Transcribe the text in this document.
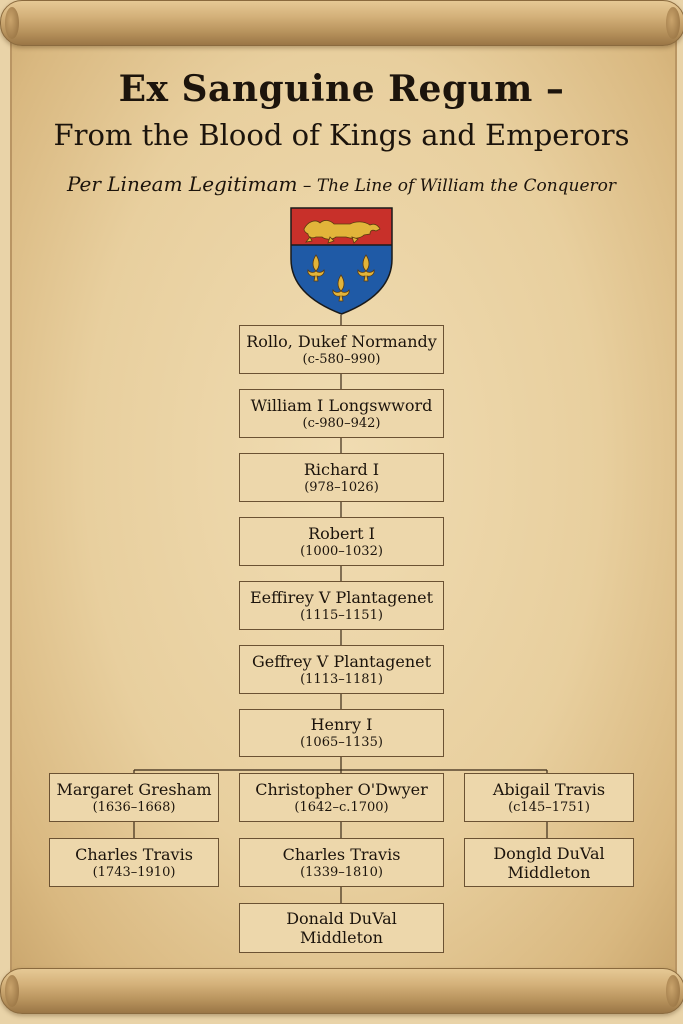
Ex Sanguine Regum –
From the Blood of Kings and Emperors
Per Lineam Legitimam – The Line of William the Conqueror
Rollo, Dukef Normandy
(c-580–990)
William I Longswword
(c-980–942)
Richard I
(978–1026)
Robert I
(1000–1032)
Eeffirey V Plantagenet
(1115–1151)
Geffrey V Plantagenet
(1113–1181)
Henry I
(1065–1135)
Margaret Gresham
(1636–1668)
Charles Travis
(1743–1910)
Christopher O'Dwyer
(1642–c.1700)
Charles Travis
(1339–1810)
Donald DuVal Middleton
Abigail Travis
(c145–1751)
Dongld DuVal Middleton
